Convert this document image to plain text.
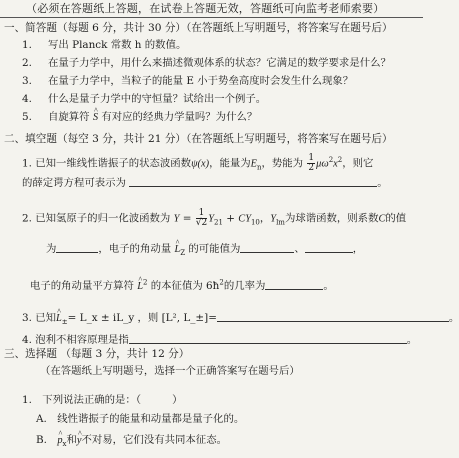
（必须在答题纸上答题，在试卷上答题无效，答题纸可向监考老师索要）
一、简答题（每题 6 分，共计 30 分）（在答题纸上写明题号，将答案写在题号后）
1. 写出 Planck 常数 h 的数值。
2. 在量子力学中，用什么来描述微观体系的状态？它满足的数学要求是什么？
3. 在量子力学中，当粒子的能量 E 小于势垒高度时会发生什么现象？
4. 什么是量子力学中的守恒量？试给出一个例子。
5. 自旋算符 ^ S 有对应的经典力学量吗？为什么？
二、填空题（每空 3 分，共计 21 分）（在答题纸上写明题号，将答案写在题号后）
1. 已知一维线性谐振子的状态波函数ψ(x)，能量为$E_n$，势能为 $\frac{1}{2} \mu\omega^2x^2$，则它
的薛定谔方程可表示为	。
2. 已知氢原子的归一化波函数为 $Y = \frac{1}{√2} Y_{21} + CY_{10}$，$Y_{lm}$为球谐函数，则系数C的值
为	，电子的角动量 ^ $L_Z$ 的可能值为	、	，
电子的角动量平方算符 ^ $L^2$ 的本征值为 $6ħ^2$的几率为	。
3. 已知^ $L_\pm=$ L_x ± iL_y ，则 [L², L_±]=	。
4. 泡利不相容原理是指	。
三、选择题 （每题 3 分，共计 12 分）
（在答题纸上写明题号，选择一个正确答案写在题号后）
1.　下列说法正确的是：（　　　）
A.　线性谐振子的能量和动量都是量子化的。
B.　^ $p_x$和^ y不对易，它们没有共同本征态。
